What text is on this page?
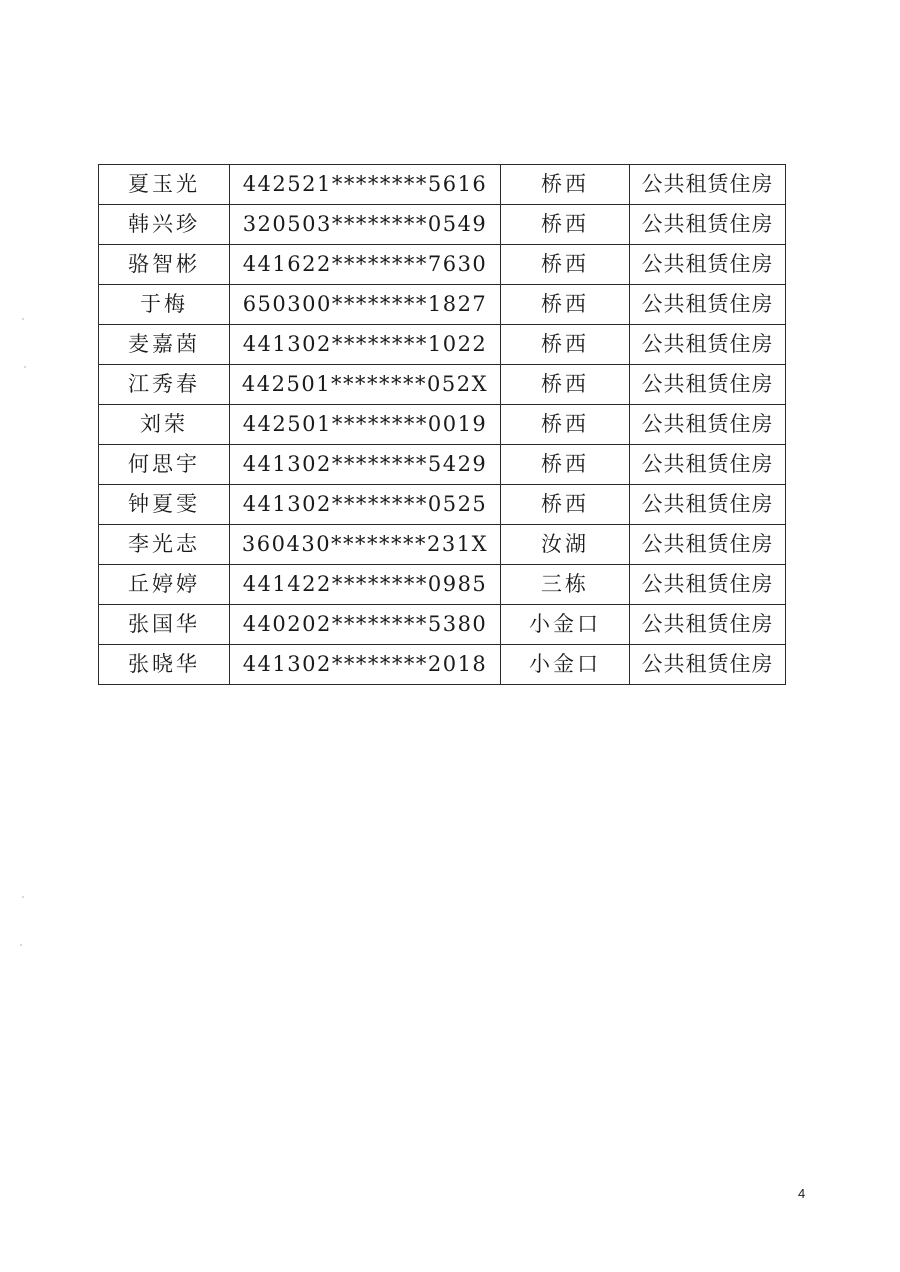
夏玉光	442521********5616	桥西	公共租赁住房
韩兴珍	320503********0549	桥西	公共租赁住房
骆智彬	441622********7630	桥西	公共租赁住房
于梅	650300********1827	桥西	公共租赁住房
麦嘉茵	441302********1022	桥西	公共租赁住房
江秀春	442501********052X	桥西	公共租赁住房
刘荣	442501********0019	桥西	公共租赁住房
何思宇	441302********5429	桥西	公共租赁住房
钟夏雯	441302********0525	桥西	公共租赁住房
李光志	360430********231X	汝湖	公共租赁住房
丘婷婷	441422********0985	三栋	公共租赁住房
张国华	440202********5380	小金口	公共租赁住房
张晓华	441302********2018	小金口	公共租赁住房
4
